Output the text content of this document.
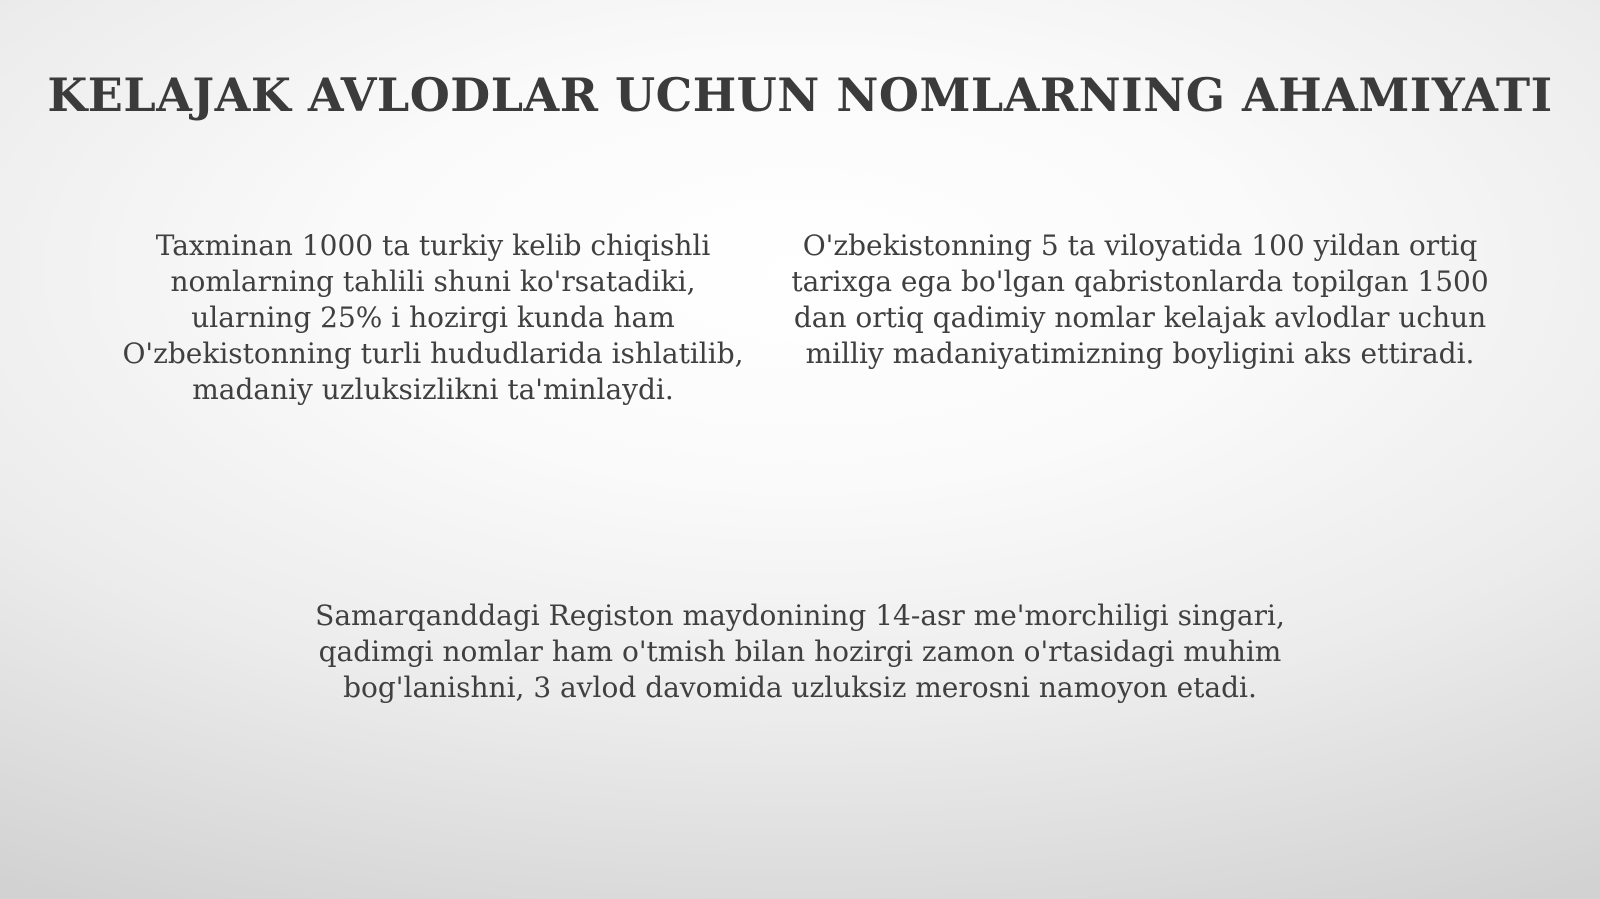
KELAJAK AVLODLAR UCHUN NOMLARNING AHAMIYATI

Taxminan 1000 ta turkiy kelib chiqishli nomlarning tahlili shuni ko'rsatadiki, ularning 25% i hozirgi kunda ham O'zbekistonning turli hududlarida ishlatilib, madaniy uzluksizlikni ta'minlaydi.

O'zbekistonning 5 ta viloyatida 100 yildan ortiq tarixga ega bo'lgan qabristonlarda topilgan 1500 dan ortiq qadimiy nomlar kelajak avlodlar uchun milliy madaniyatimizning boyligini aks ettiradi.

Samarqanddagi Registon maydonining 14-asr me'morchiligi singari, qadimgi nomlar ham o'tmish bilan hozirgi zamon o'rtasidagi muhim bog'lanishni, 3 avlod davomida uzluksiz merosni namoyon etadi.
